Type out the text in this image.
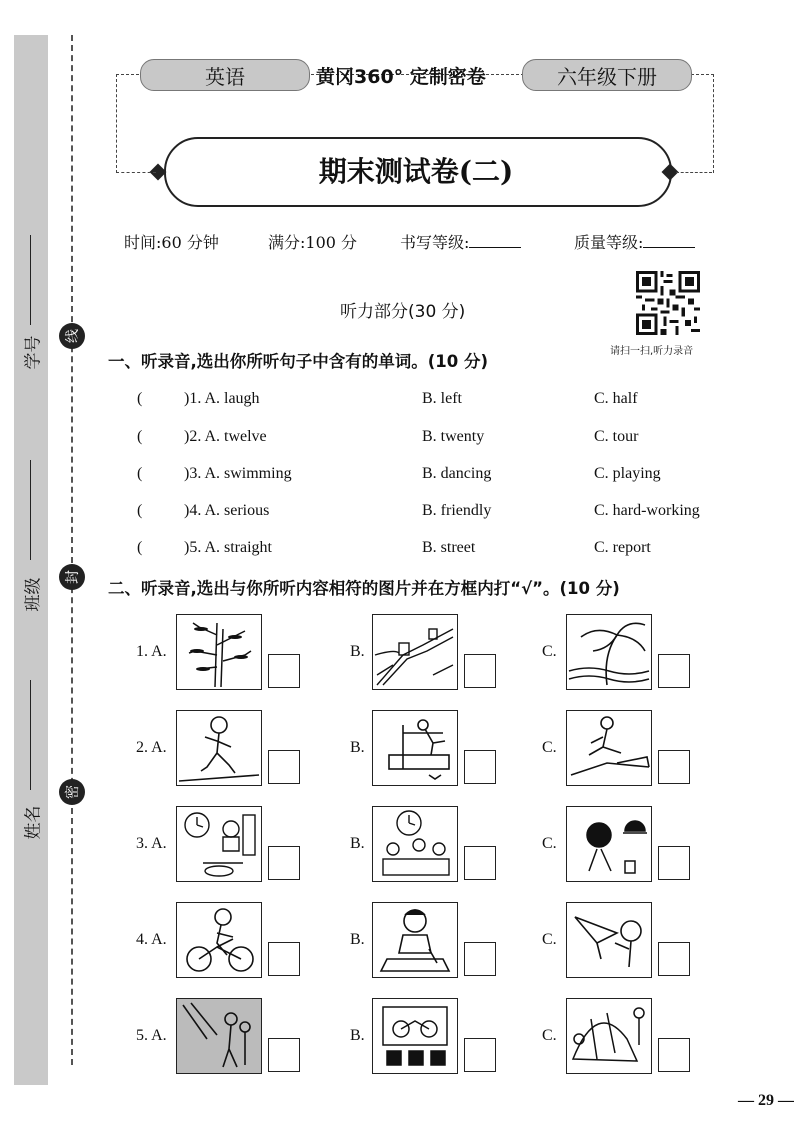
学号
班级
姓名
线
封
密
英语	黄冈360° 定制密卷	六年级下册
期末测试卷(二)
时间:60 分钟	满分:100 分	书写等级:	质量等级:
听力部分(30 分)
请扫一扫,听力录音
一、听录音,选出你所听句子中含有的单词。(10 分)
(	)1. A. laugh	B. left	C. half
(	)2. A. twelve	B. twenty	C. tour
(	)3. A. swimming	B. dancing	C. playing
(	)4. A. serious	B. friendly	C. hard-working
(	)5. A. straight	B. street	C. report
二、听录音,选出与你所听内容相符的图片并在方框内打“√”。(10 分)
1. A.	B.	C.
2. A.	B.	C.
3. A.	B.	C.
4. A.	B.	C.
5. A.	B.	C.
— 29 —
